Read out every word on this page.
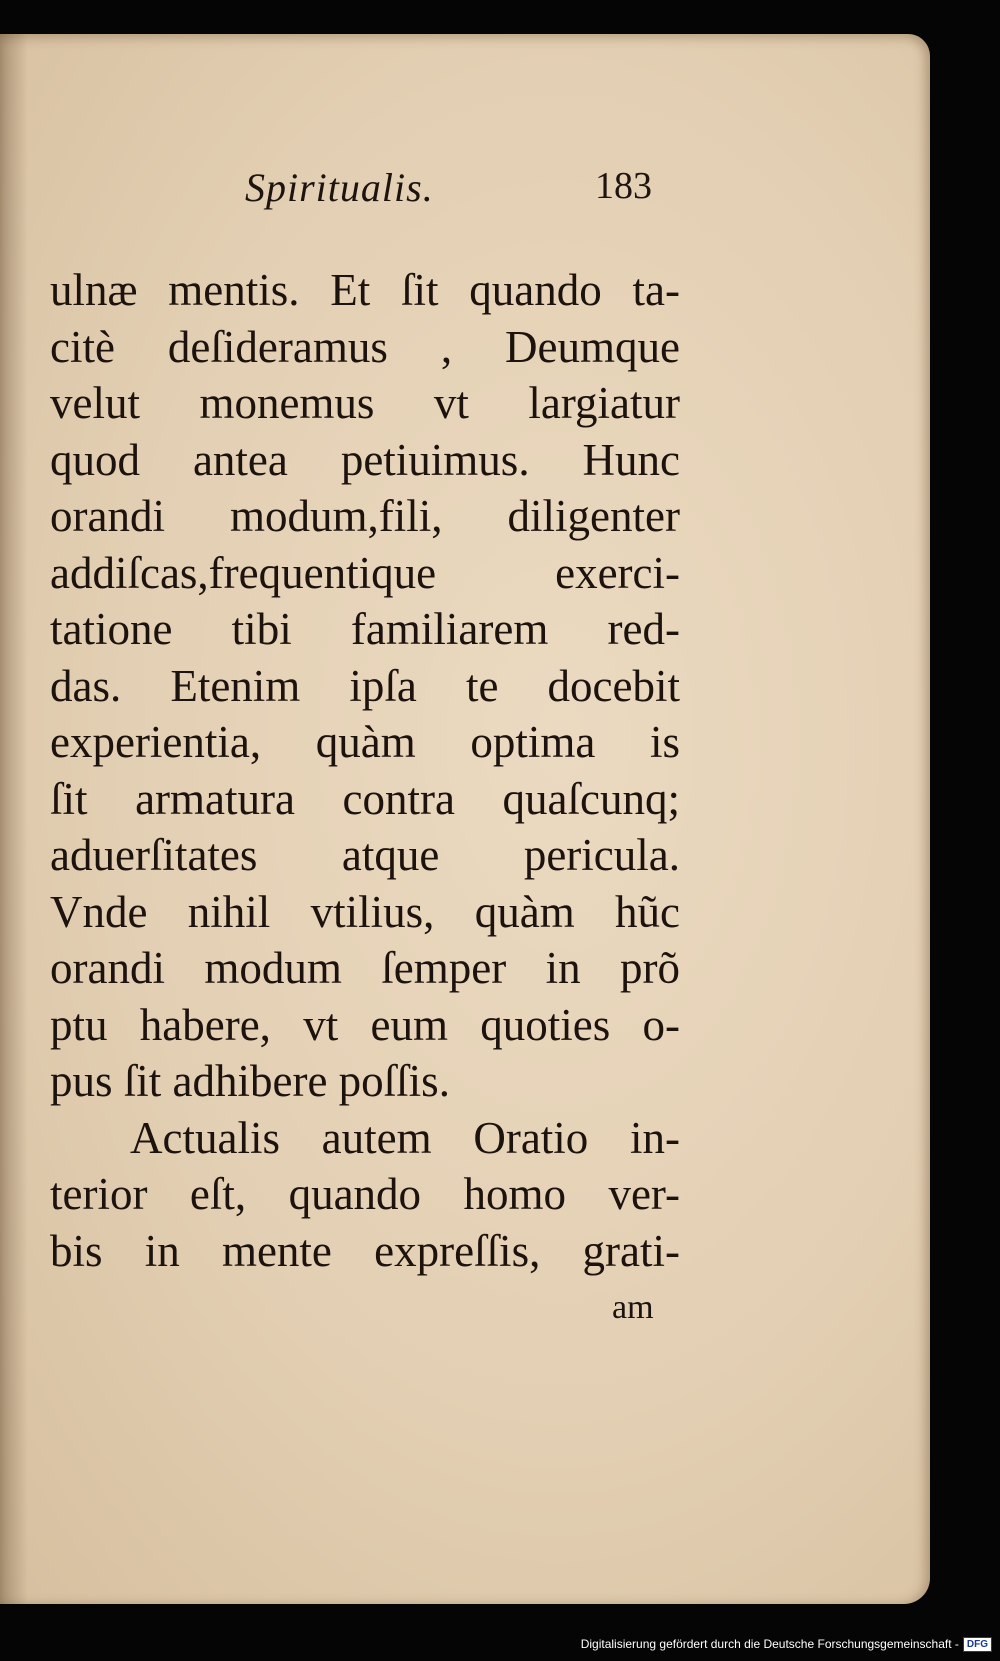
Spiritualis.	183
ulnæ mentis. Et ſit quando ta-
citè deſideramus , Deumque
velut monemus vt largiatur
quod antea petiuimus. Hunc
orandi modum,fili, diligenter
addiſcas,frequentique exerci-
tatione tibi familiarem red-
das. Etenim ipſa te docebit
experientia, quàm optima is
ſit armatura contra quaſcunq;
aduerſitates atque pericula.
Vnde nihil vtilius, quàm hũc
orandi modum ſemper in prõ
ptu habere, vt eum quoties o-
pus ſit adhibere poſſis.
Actualis autem Oratio in-
terior eſt, quando homo ver-
bis in mente expreſſis, grati-
am
Digitalisierung gefördert durch die Deutsche Forschungsgemeinschaft - DFG
